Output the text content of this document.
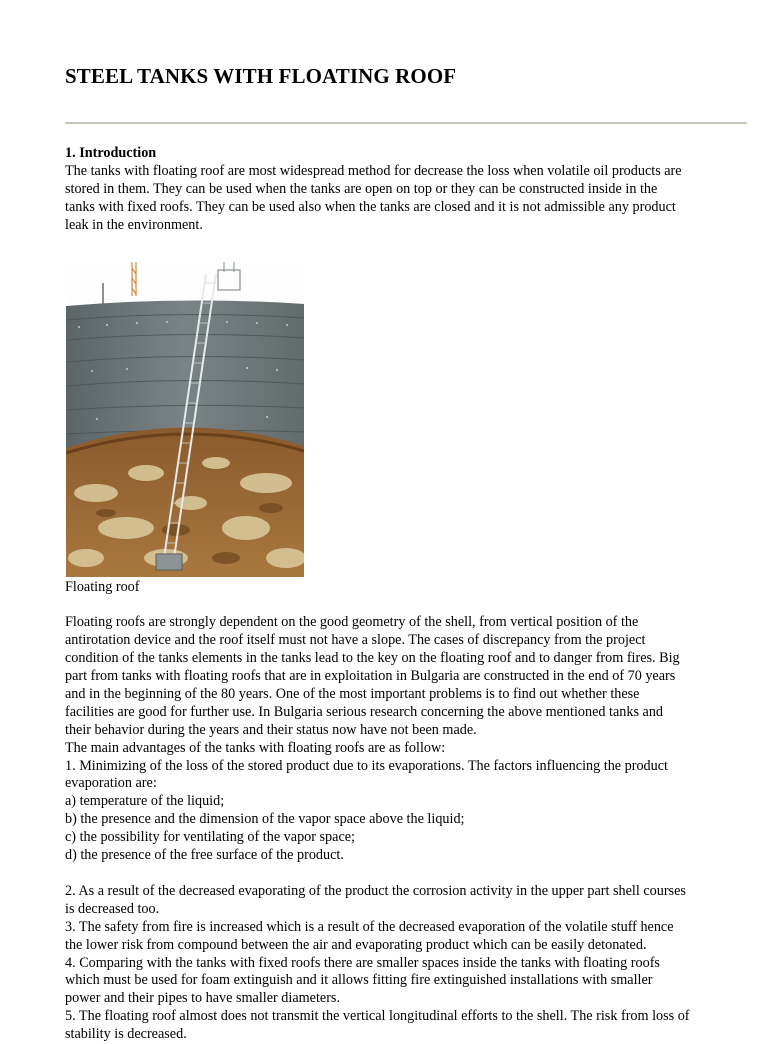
STEEL TANKS WITH FLOATING ROOF
1. Introduction
The tanks with floating roof are most widespread method for decrease the loss when volatile oil products are
stored in them. They can be used when the tanks are open on top or they can be constructed inside in the
tanks with fixed roofs. They can be used also when the tanks are closed and it is not admissible any product
leak in the environment.
Floating roof
Floating roofs are strongly dependent on the good geometry of the shell, from vertical position of the
antirotation device and the roof itself must not have a slope. The cases of discrepancy from the project
condition of the tanks elements in the tanks lead to the key on the floating roof and to danger from fires. Big
part from tanks with floating roofs that are in exploitation in Bulgaria are constructed in the end of 70 years
and in the beginning of the 80 years. One of the most important problems is to find out whether these
facilities are good for further use. In Bulgaria serious research concerning the above mentioned tanks and
their behavior during the years and their status now have not been made.
The main advantages of the tanks with floating roofs are as follow:
1. Minimizing of the loss of the stored product due to its evaporations. The factors influencing the product
evaporation are:
a) temperature of the liquid;
b) the presence and the dimension of the vapor space above the liquid;
c) the possibility for ventilating of the vapor space;
d) the presence of the free surface of the product.
2. As a result of the decreased evaporating of the product the corrosion activity in the upper part shell courses
is decreased too.
3. The safety from fire is increased which is a result of the decreased evaporation of the volatile stuff hence
the lower risk from compound between the air and evaporating product which can be easily detonated.
4. Comparing with the tanks with fixed roofs there are smaller spaces inside the tanks with floating roofs
which must be used for foam extinguish and it allows fitting fire extinguished installations with smaller
power and their pipes to have smaller diameters.
5. The floating roof almost does not transmit the vertical longitudinal efforts to the shell. The risk from loss of
stability is decreased.
